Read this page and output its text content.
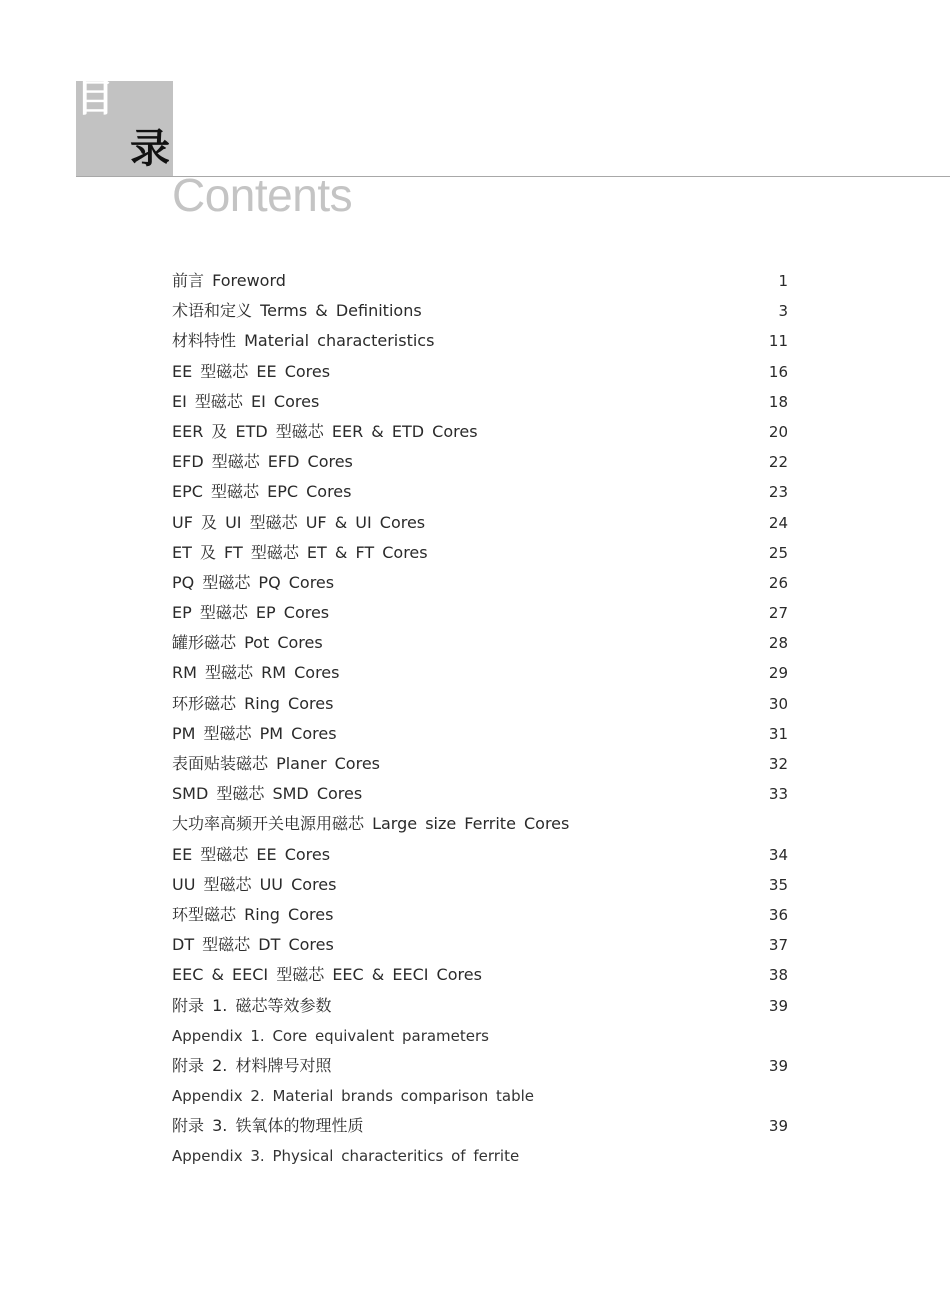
目
录
Contents
前言 Foreword	1
术语和定义 Terms & Definitions	3
材料特性 Material characteristics	11
EE 型磁芯 EE Cores	16
EI 型磁芯 EI Cores	18
EER 及 ETD 型磁芯 EER & ETD Cores	20
EFD 型磁芯 EFD Cores	22
EPC 型磁芯 EPC Cores	23
UF 及 UI 型磁芯 UF & UI Cores	24
ET 及 FT 型磁芯 ET & FT Cores	25
PQ 型磁芯 PQ Cores	26
EP 型磁芯 EP Cores	27
罐形磁芯 Pot Cores	28
RM 型磁芯 RM Cores	29
环形磁芯 Ring Cores	30
PM 型磁芯 PM Cores	31
表面贴装磁芯 Planer Cores	32
SMD 型磁芯 SMD Cores	33
大功率高频开关电源用磁芯 Large size Ferrite Cores
EE 型磁芯 EE Cores	34
UU 型磁芯 UU Cores	35
环型磁芯 Ring Cores	36
DT 型磁芯 DT Cores	37
EEC & EECI 型磁芯 EEC & EECI Cores	38
附录 1. 磁芯等效参数	39
Appendix 1. Core equivalent parameters
附录 2. 材料牌号对照	39
Appendix 2. Material brands comparison table
附录 3. 铁氧体的物理性质	39
Appendix 3. Physical characteritics of ferrite
